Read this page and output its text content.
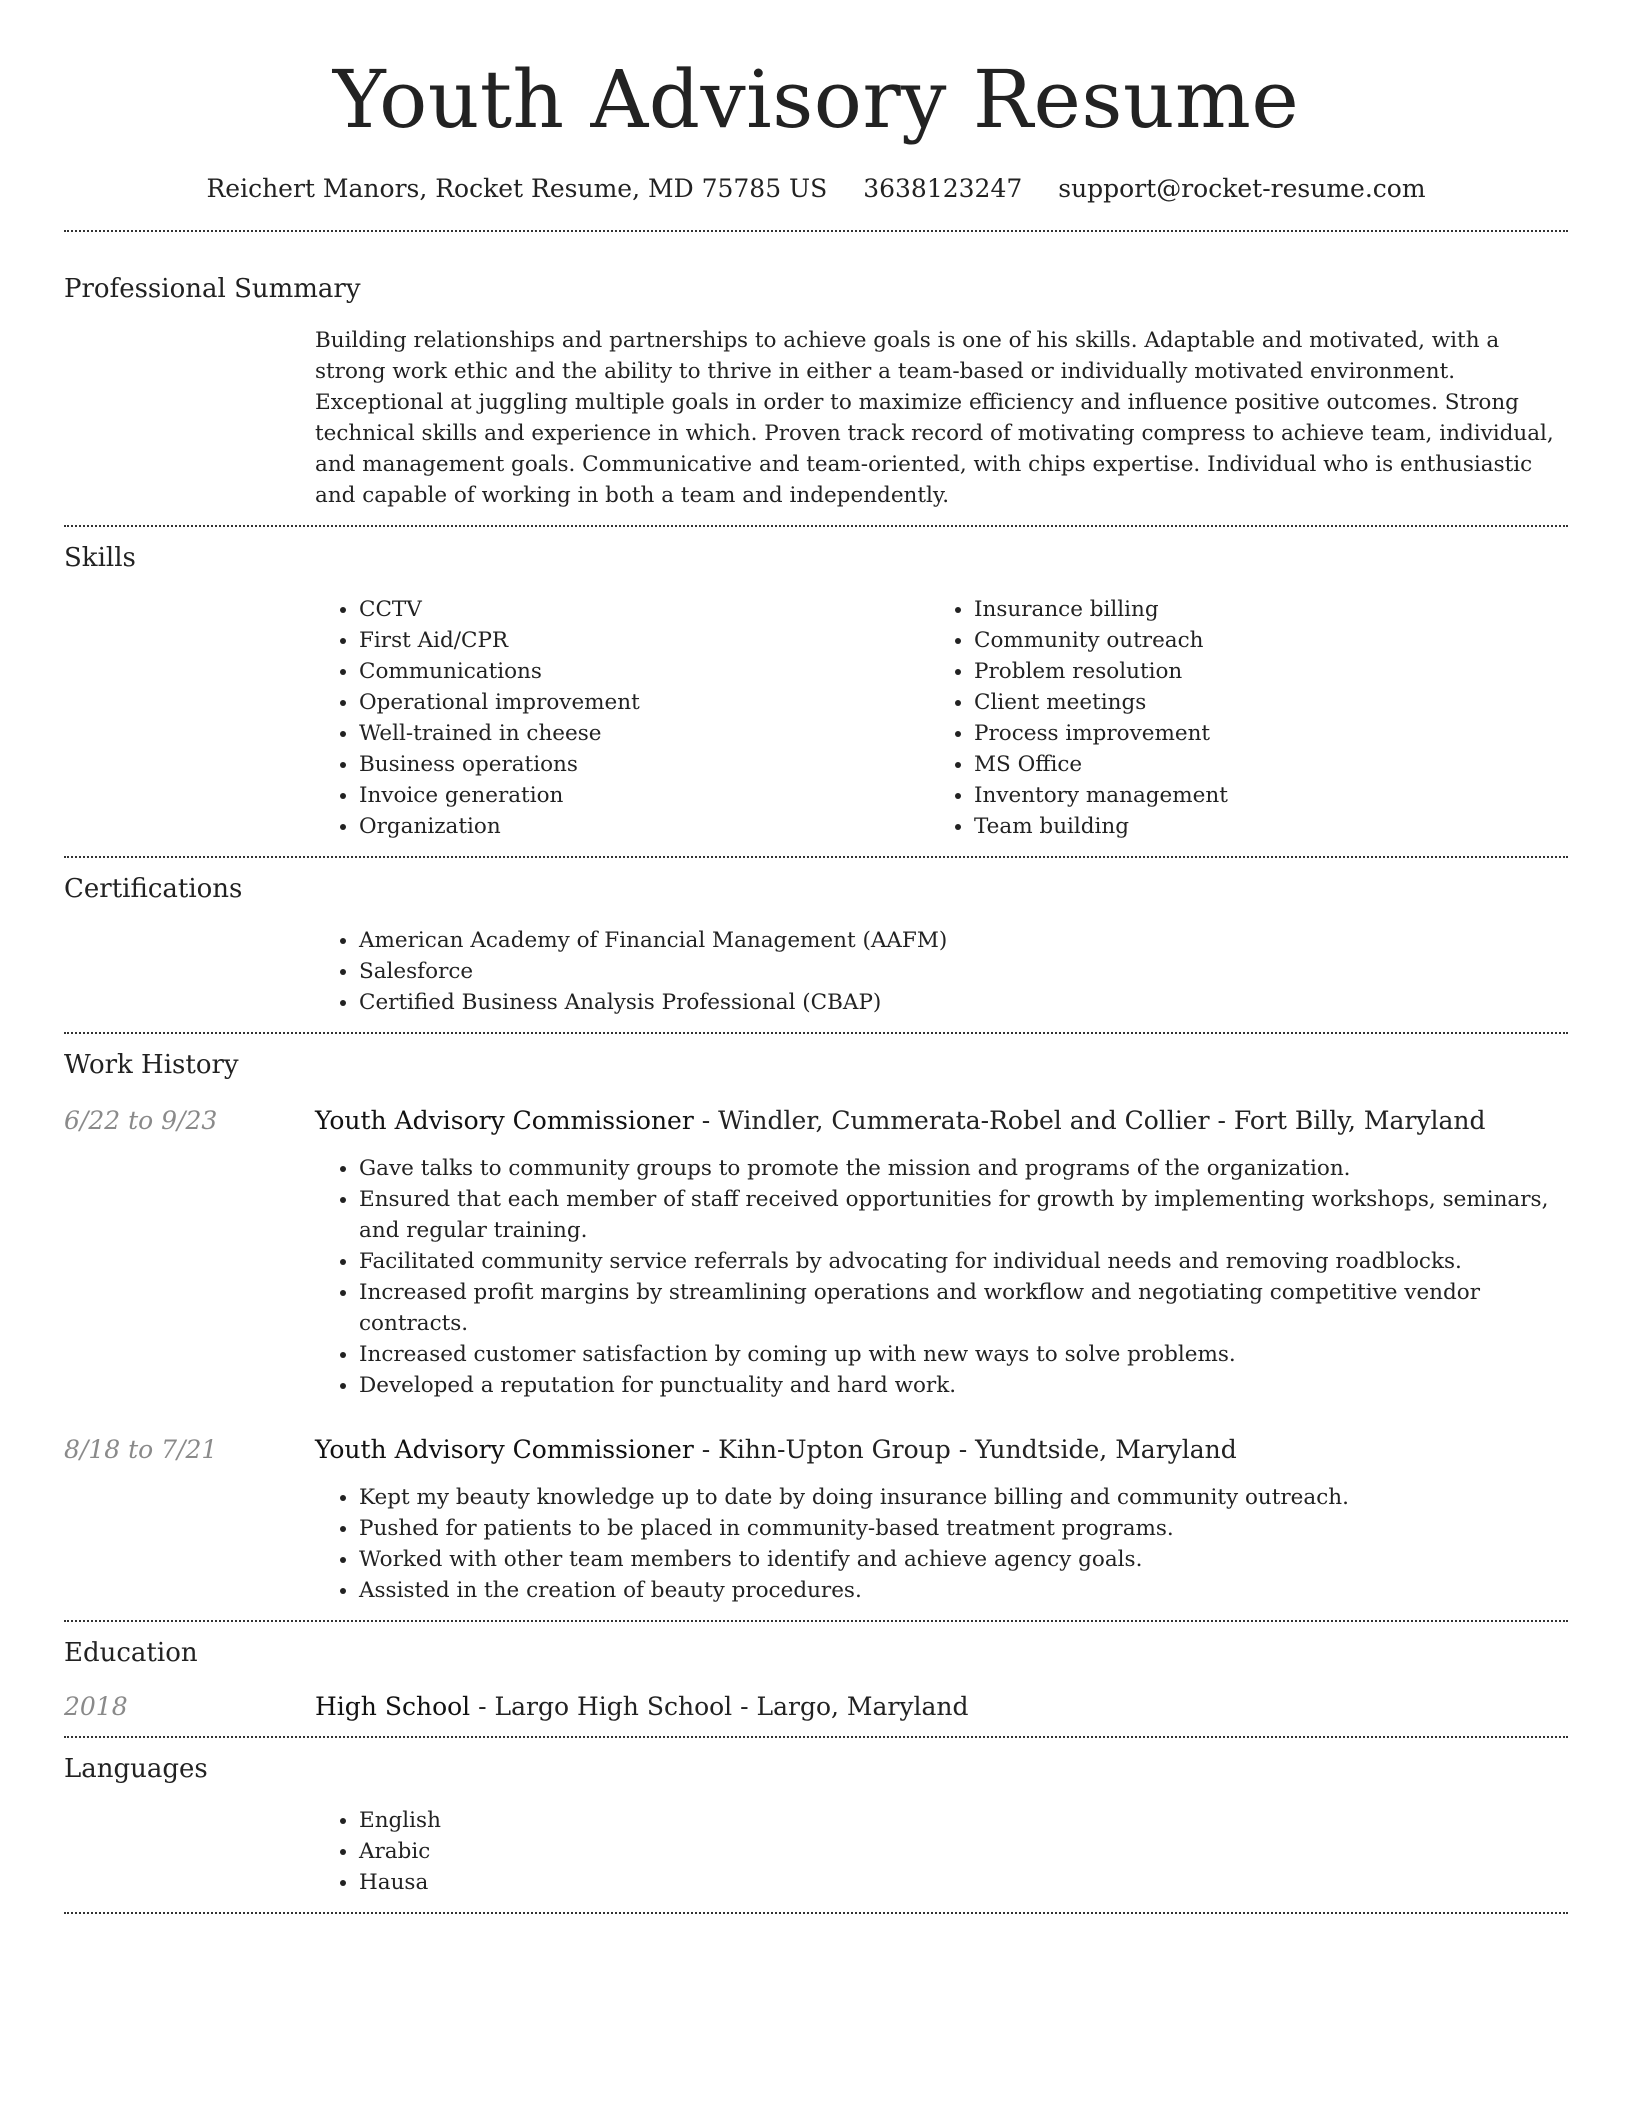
Youth Advisory Resume
Reichert Manors, Rocket Resume, MD 75785 US 3638123247 support@rocket-resume.com
Professional Summary

Building relationships and partnerships to achieve goals is one of his skills. Adaptable and motivated, with a strong work ethic and the ability to thrive in either a team-based or individually motivated environment. Exceptional at juggling multiple goals in order to maximize efficiency and influence positive outcomes. Strong technical skills and experience in which. Proven track record of motivating compress to achieve team, individual, and management goals. Communicative and team-oriented, with chips expertise. Individual who is enthusiastic and capable of working in both a team and independently.

Skills
• CCTV
• First Aid/CPR
• Communications
• Operational improvement
• Well-trained in cheese
• Business operations
• Invoice generation
• Organization
• Insurance billing
• Community outreach
• Problem resolution
• Client meetings
• Process improvement
• MS Office
• Inventory management
• Team building
Certifications
• American Academy of Financial Management (AAFM)
• Salesforce
• Certified Business Analysis Professional (CBAP)
Work History
6/22 to 9/23	Youth Advisory Commissioner - Windler, Cummerata-Robel and Collier - Fort Billy, Maryland
• Gave talks to community groups to promote the mission and programs of the organization.
• Ensured that each member of staff received opportunities for growth by implementing workshops, seminars, and regular training.
• Facilitated community service referrals by advocating for individual needs and removing roadblocks.
• Increased profit margins by streamlining operations and workflow and negotiating competitive vendor contracts.
• Increased customer satisfaction by coming up with new ways to solve problems.
• Developed a reputation for punctuality and hard work.
8/18 to 7/21	Youth Advisory Commissioner - Kihn-Upton Group - Yundtside, Maryland
• Kept my beauty knowledge up to date by doing insurance billing and community outreach.
• Pushed for patients to be placed in community-based treatment programs.
• Worked with other team members to identify and achieve agency goals.
• Assisted in the creation of beauty procedures.
Education
2018	High School - Largo High School - Largo, Maryland
Languages
• English
• Arabic
• Hausa
